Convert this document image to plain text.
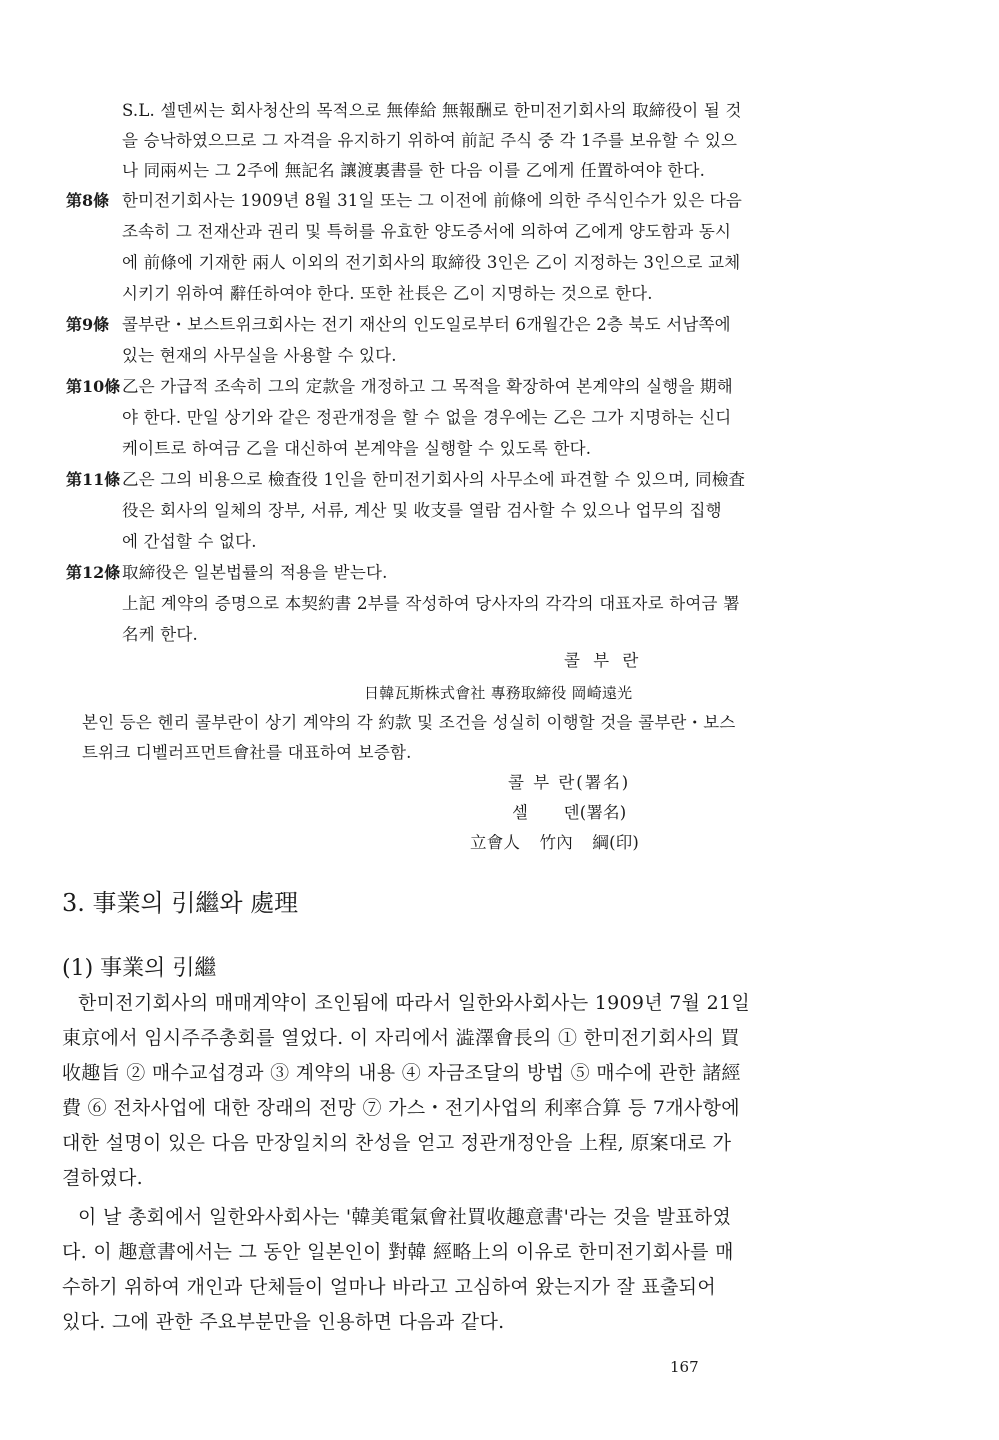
S.L. 셀덴씨는 회사청산의 목적으로 無俸給 無報酬로 한미전기회사의 取締役이 될 것
을 승낙하였으므로 그 자격을 유지하기 위하여 前記 주식 중 각 1주를 보유할 수 있으
나 同兩씨는 그 2주에 無記名 讓渡裏書를 한 다음 이를 乙에게 任置하여야 한다.
第8條 한미전기회사는 1909년 8월 31일 또는 그 이전에 前條에 의한 주식인수가 있은 다음
조속히 그 전재산과 권리 및 특허를 유효한 양도증서에 의하여 乙에게 양도함과 동시
에 前條에 기재한 兩人 이외의 전기회사의 取締役 3인은 乙이 지정하는 3인으로 교체
시키기 위하여 辭任하여야 한다. 또한 社長은 乙이 지명하는 것으로 한다.
第9條 콜부란・보스트위크회사는 전기 재산의 인도일로부터 6개월간은 2층 북도 서남쪽에
있는 현재의 사무실을 사용할 수 있다.
第10條 乙은 가급적 조속히 그의 定款을 개정하고 그 목적을 확장하여 본계약의 실행을 期해
야 한다. 만일 상기와 같은 정관개정을 할 수 없을 경우에는 乙은 그가 지명하는 신디
케이트로 하여금 乙을 대신하여 본계약을 실행할 수 있도록 한다.
第11條 乙은 그의 비용으로 檢査役 1인을 한미전기회사의 사무소에 파견할 수 있으며, 同檢査
役은 회사의 일체의 장부, 서류, 계산 및 收支를 열람 검사할 수 있으나 업무의 집행
에 간섭할 수 없다.
第12條 取締役은 일본법률의 적용을 받는다.
上記 계약의 증명으로 本契約書 2부를 작성하여 당사자의 각각의 대표자로 하여금 署
名케 한다.
콜 부 란
日韓瓦斯株式會社 專務取締役 岡崎遠光
본인 등은 헨리 콜부란이 상기 계약의 각 約款 및 조건을 성실히 이행할 것을 콜부란・보스
트위크 디벨러프먼트會社를 대표하여 보증함.
콜 부 란(署名)
셀 덴(署名)
立會人 竹內 綱(印)
3. 事業의 引繼와 處理
(1) 事業의 引繼
한미전기회사의 매매계약이 조인됨에 따라서 일한와사회사는 1909년 7월 21일
東京에서 임시주주총회를 열었다. 이 자리에서 澁澤會長의 ① 한미전기회사의 買
收趣旨 ② 매수교섭경과 ③ 계약의 내용 ④ 자금조달의 방법 ⑤ 매수에 관한 諸經
費 ⑥ 전차사업에 대한 장래의 전망 ⑦ 가스・전기사업의 利率合算 등 7개사항에
대한 설명이 있은 다음 만장일치의 찬성을 얻고 정관개정안을 上程, 原案대로 가
결하였다.
이 날 총회에서 일한와사회사는 '韓美電氣會社買收趣意書'라는 것을 발표하였
다. 이 趣意書에서는 그 동안 일본인이 對韓 經略上의 이유로 한미전기회사를 매
수하기 위하여 개인과 단체들이 얼마나 바라고 고심하여 왔는지가 잘 표출되어
있다. 그에 관한 주요부분만을 인용하면 다음과 같다.
167
